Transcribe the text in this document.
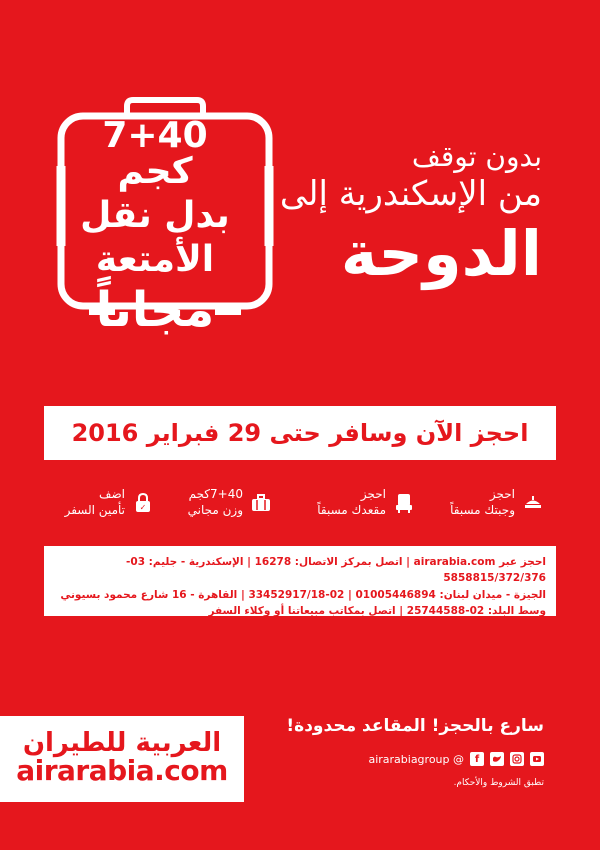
7+40 كجم
بدل نقل
الأمتعة
مجاناً
بدون توقف
من الإسكندرية إلى
الدوحة
احجز الآن وسافر حتى 29 فبراير 2016
احجز
وجبتك مسبقاً
احجز
مقعدك مسبقاً
7+40كجم
وزن مجاني
✓
اضف
تأمين السفر
احجز عبر airarabia.com | اتصل بمركز الاتصال: 16278 | الإسكندرية - جليم: 03-5858815/372/376
الجيزة - ميدان لبنان: 01005446894 | 02-33452917/18 | القاهرة - 16 شارع محمود بسيوني
وسط البلد: 02-25744588 | اتصل بمكاتب مبيعاتنا أو وكلاء السفر
العربية للطيران
airarabia.com
سارع بالحجز! المقاعد محدودة!
airarabiagroup @	f
تطبق الشروط والأحكام.
